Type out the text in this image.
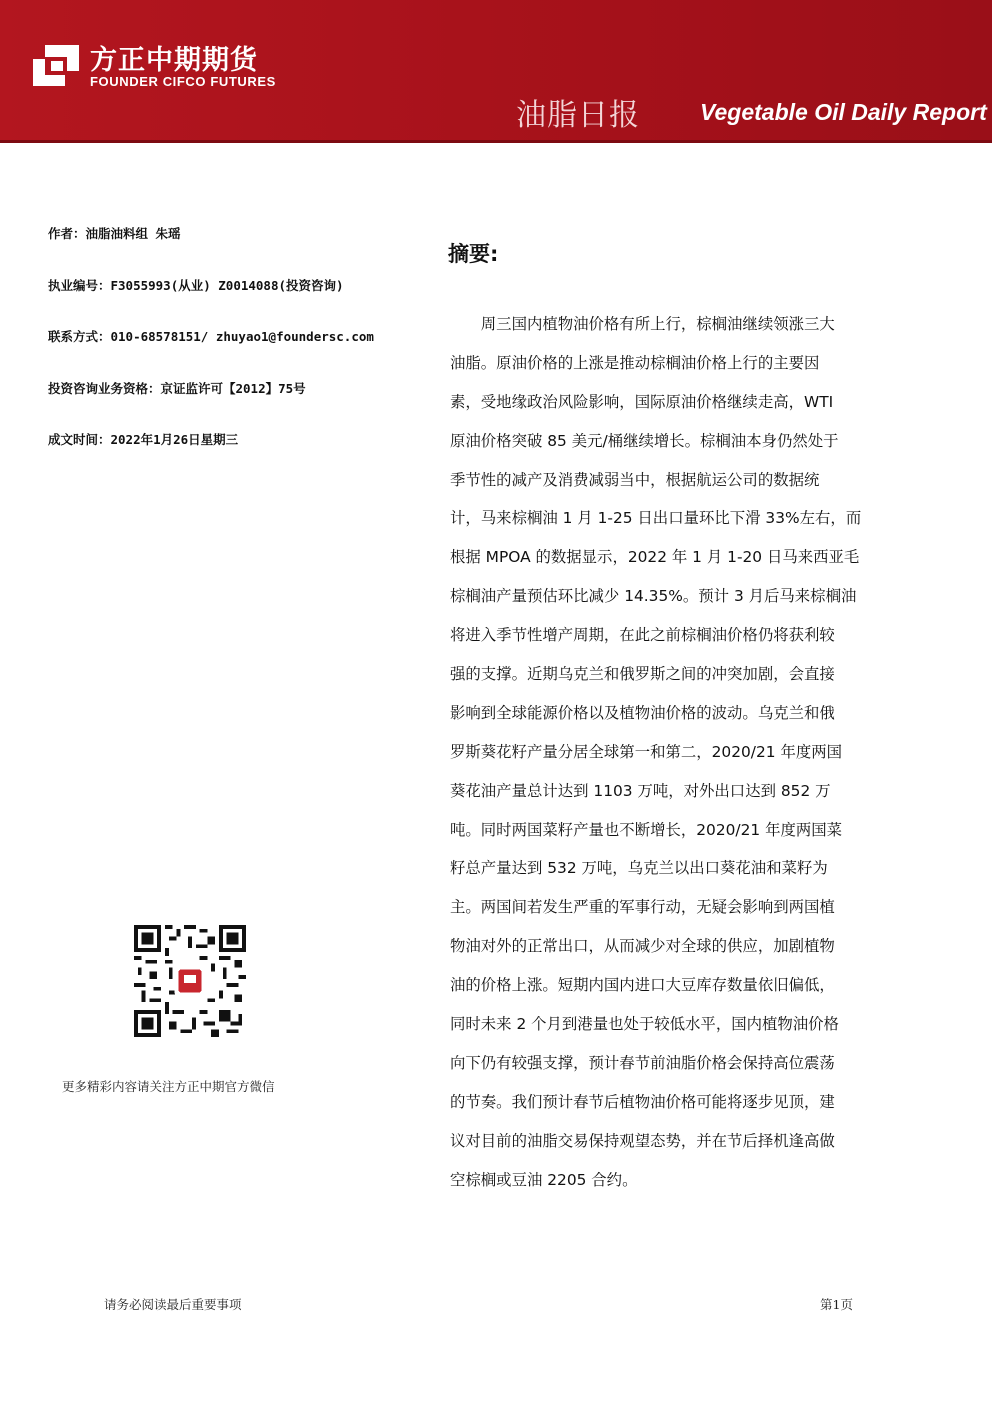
方正中期期货
FOUNDER CIFCO FUTURES
油脂日报	Vegetable Oil Daily Report
作者：油脂油料组 朱瑶
执业编号：F3055993(从业) Z0014088(投资咨询)
联系方式：010-68578151/ zhuyao1@foundersc.com
投资咨询业务资格：京证监许可【2012】75号
成文时间：2022年1月26日星期三
摘要:
　　周三国内植物油价格有所上行，棕榈油继续领涨三大
油脂。原油价格的上涨是推动棕榈油价格上行的主要因
素，受地缘政治风险影响，国际原油价格继续走高，WTI
原油价格突破 85 美元/桶继续增长。棕榈油本身仍然处于
季节性的减产及消费减弱当中，根据航运公司的数据统
计，马来棕榈油 1 月 1-25 日出口量环比下滑 33%左右，而
根据 MPOA 的数据显示，2022 年 1 月 1-20 日马来西亚毛
棕榈油产量预估环比减少 14.35%。预计 3 月后马来棕榈油
将进入季节性增产周期，在此之前棕榈油价格仍将获利较
强的支撑。近期乌克兰和俄罗斯之间的冲突加剧，会直接
影响到全球能源价格以及植物油价格的波动。乌克兰和俄
罗斯葵花籽产量分居全球第一和第二，2020/21 年度两国
葵花油产量总计达到 1103 万吨，对外出口达到 852 万
吨。同时两国菜籽产量也不断增长，2020/21 年度两国菜
籽总产量达到 532 万吨，乌克兰以出口葵花油和菜籽为
主。两国间若发生严重的军事行动，无疑会影响到两国植
物油对外的正常出口，从而减少对全球的供应，加剧植物
油的价格上涨。短期内国内进口大豆库存数量依旧偏低，
同时未来 2 个月到港量也处于较低水平，国内植物油价格
向下仍有较强支撑，预计春节前油脂价格会保持高位震荡
的节奏。我们预计春节后植物油价格可能将逐步见顶，建
议对目前的油脂交易保持观望态势，并在节后择机逢高做
空棕榈或豆油 2205 合约。
更多精彩内容请关注方正中期官方微信
请务必阅读最后重要事项	第1页
